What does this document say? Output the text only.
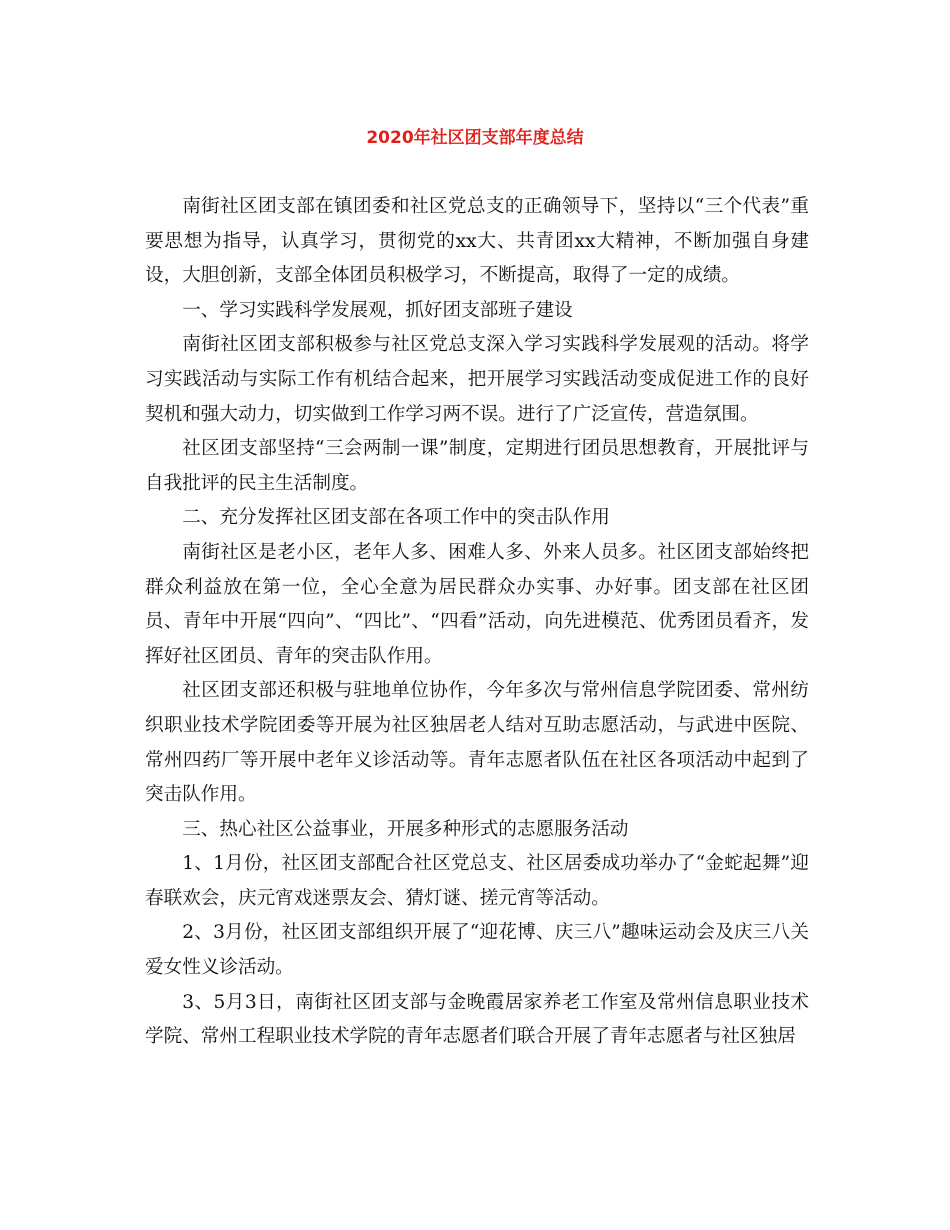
2020年社区团支部年度总结

南街社区团支部在镇团委和社区党总支的正确领导下，坚持以“三个代表”重要思想为指导，认真学习，贯彻党的xx大、共青团xx大精神，不断加强自身建设，大胆创新，支部全体团员积极学习，不断提高，取得了一定的成绩。

一、学习实践科学发展观，抓好团支部班子建设

南街社区团支部积极参与社区党总支深入学习实践科学发展观的活动。将学习实践活动与实际工作有机结合起来，把开展学习实践活动变成促进工作的良好契机和强大动力，切实做到工作学习两不误。进行了广泛宣传，营造氛围。

社区团支部坚持“三会两制一课”制度，定期进行团员思想教育，开展批评与自我批评的民主生活制度。

二、充分发挥社区团支部在各项工作中的突击队作用

南街社区是老小区，老年人多、困难人多、外来人员多。社区团支部始终把群众利益放在第一位，全心全意为居民群众办实事、办好事。团支部在社区团员、青年中开展“四向”、“四比”、“四看”活动，向先进模范、优秀团员看齐，发挥好社区团员、青年的突击队作用。

社区团支部还积极与驻地单位协作，今年多次与常州信息学院团委、常州纺织职业技术学院团委等开展为社区独居老人结对互助志愿活动，与武进中医院、常州四药厂等开展中老年义诊活动等。青年志愿者队伍在社区各项活动中起到了突击队作用。

三、热心社区公益事业，开展多种形式的志愿服务活动

1、1月份，社区团支部配合社区党总支、社区居委成功举办了“金蛇起舞”迎春联欢会，庆元宵戏迷票友会、猜灯谜、搓元宵等活动。

2、3月份，社区团支部组织开展了“迎花博、庆三八”趣味运动会及庆三八关爱女性义诊活动。

3、5月3日，南街社区团支部与金晚霞居家养老工作室及常州信息职业技术学院、常州工程职业技术学院的青年志愿者们联合开展了青年志愿者与社区独居
